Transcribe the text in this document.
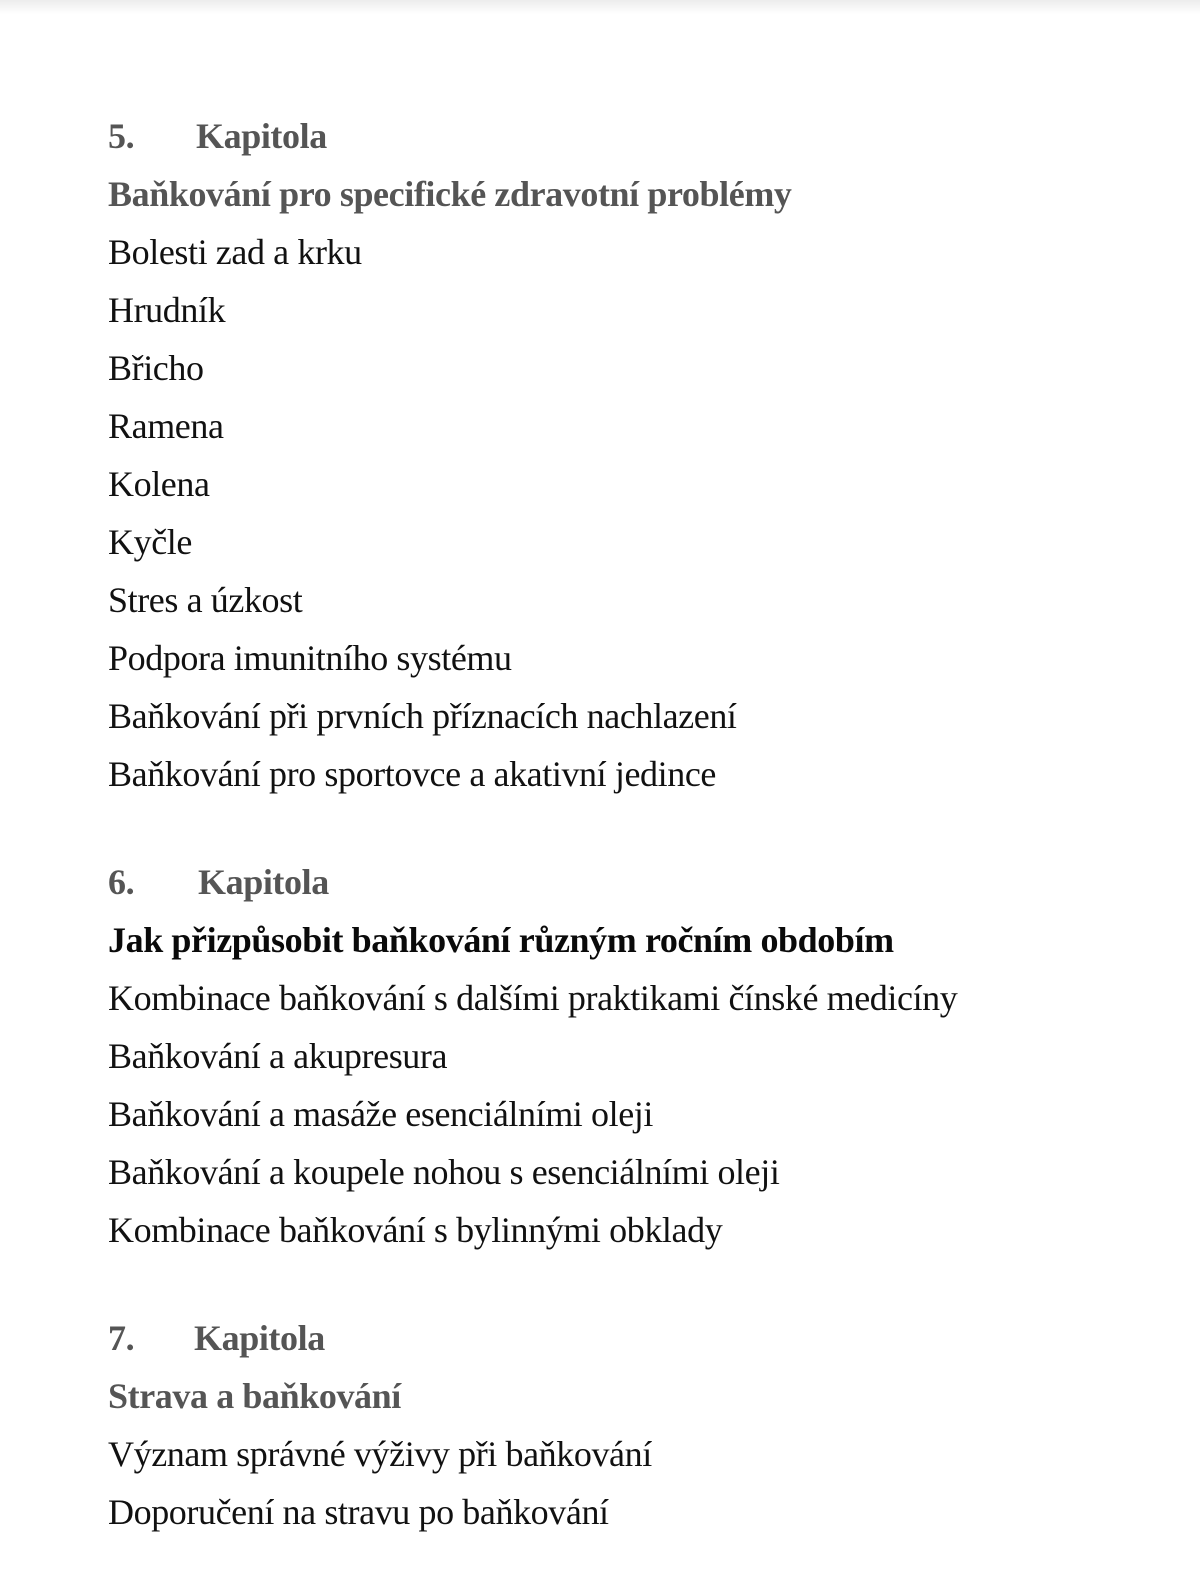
5.	Kapitola
Baňkování pro specifické zdravotní problémy
Bolesti zad a krku
Hrudník
Břicho
Ramena
Kolena
Kyčle
Stres a úzkost
Podpora imunitního systému
Baňkování při prvních příznacích nachlazení
Baňkování pro sportovce a akativní jedince
6.	Kapitola
Jak přizpůsobit baňkování různým ročním obdobím
Kombinace baňkování s dalšími praktikami čínské medicíny
Baňkování a akupresura
Baňkování a masáže esenciálními oleji
Baňkování a koupele nohou s esenciálními oleji
Kombinace baňkování s bylinnými obklady
7.	Kapitola
Strava a baňkování
Význam správné výživy při baňkování
Doporučení na stravu po baňkování
